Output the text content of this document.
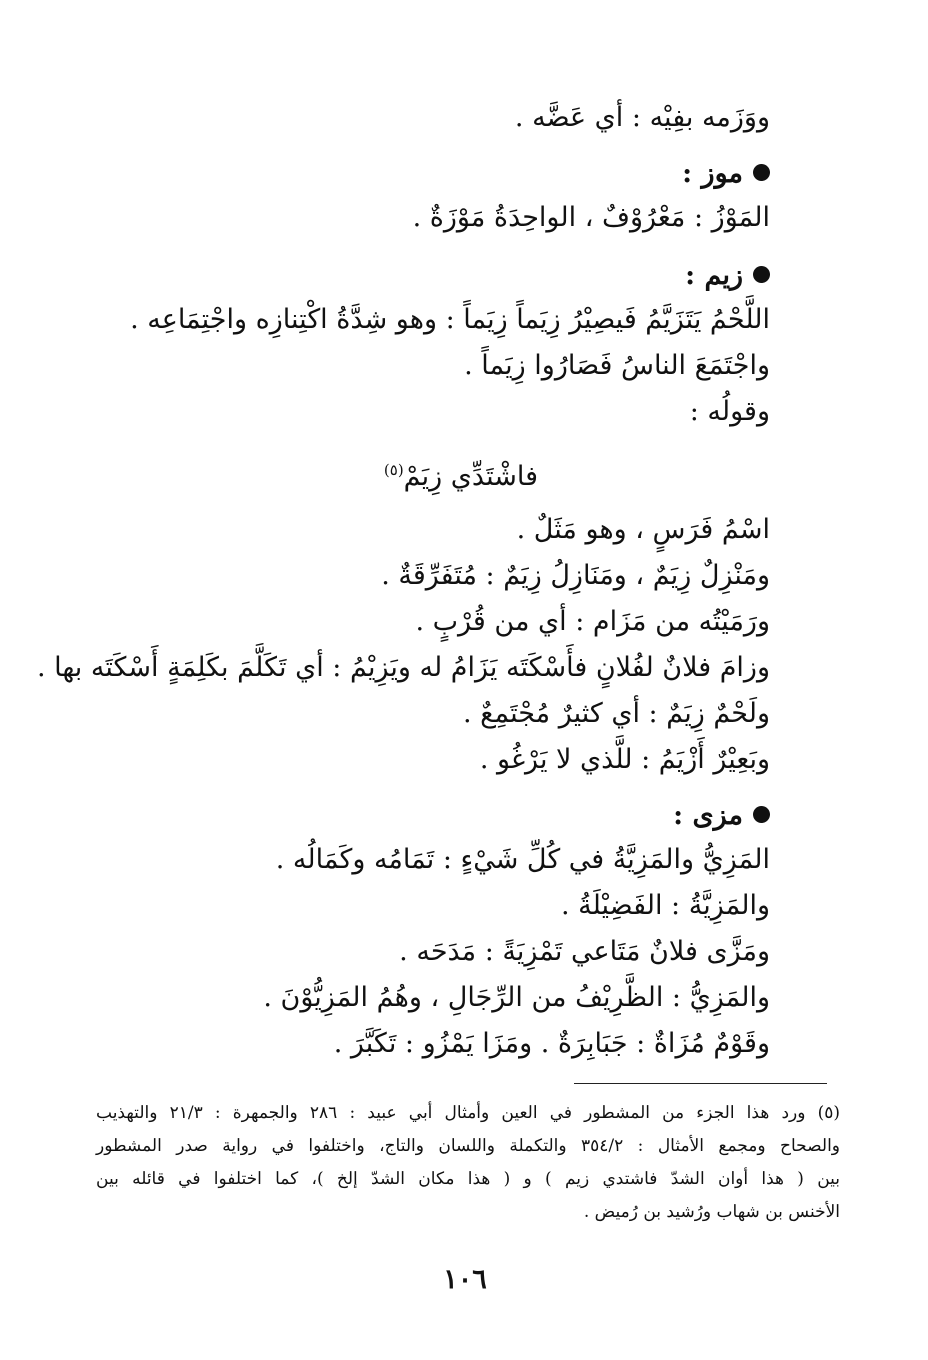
ووَزَمه بفِيْه : أي عَضَّه .
موز :
المَوْزُ : مَعْرُوْفٌ ، الواحِدَةُ مَوْزَةٌ .
زيم :
اللَّحْمُ يَتَزَيَّمُ فَيصِيْرُ زِيَماً زِيَماً : وهو شِدَّةُ اكْتِنازِه واجْتِمَاعِه .
واجْتَمَعَ الناسُ فَصَارُوا زِيَماً .
وقولُه :
فاشْتَدِّي زِيَمْ$^{(٥)}$
اسْمُ فَرَسٍ ، وهو مَثَلٌ .
ومَنْزِلٌ زِيَمٌ ، ومَنَازِلُ زِيَمٌ : مُتَفَرِّقَةٌ .
ورَمَيْتُه من مَزَام : أي من قُرْبٍ .
وزامَ فلانٌ لفُلانٍ فأَسْكَتَه يَزَامُ له ويَزِيْمُ : أي تَكَلَّمَ بكَلِمَةٍ أَسْكَتَه بها .
ولَحْمٌ زِيَمٌ : أي كثيرٌ مُجْتَمِعٌ .
وبَعِيْرٌ أَزْيَمُ : للَّذي لا يَرْغُو .
مزى :
المَزِيُّ والمَزِيَّةُ في كُلِّ شَيْءٍ : تَمَامُه وكَمَالُه .
والمَزِيَّةُ : الفَضِيْلَةُ .
ومَزَّى فلانٌ مَتَاعي تَمْزِيَةً : مَدَحَه .
والمَزِيُّ : الظَّرِيْفُ من الرِّجَالِ ، وهُمُ المَزِيُّوْنَ .
وقَوْمٌ مُزَاةٌ : جَبَابِرَةٌ . ومَزَا يَمْزُو : تَكَبَّرَ .
(٥) ورد هذا الجزء من المشطور في العين وأمثال أبي عبيد : ٢٨٦ والجمهرة : ٢١/٣ والتهذيب
والصحاح ومجمع الأمثال : ٣٥٤/٢ والتكملة واللسان والتاج، واختلفوا في رواية صدر المشطور
بين ( هذا أوان الشدّ فاشتدي زيم ) و ( هذا مكان الشدّ إلخ )، كما اختلفوا في قائله بين
الأخنس بن شهاب ورُشيد بن رُميض .
١٠٦
